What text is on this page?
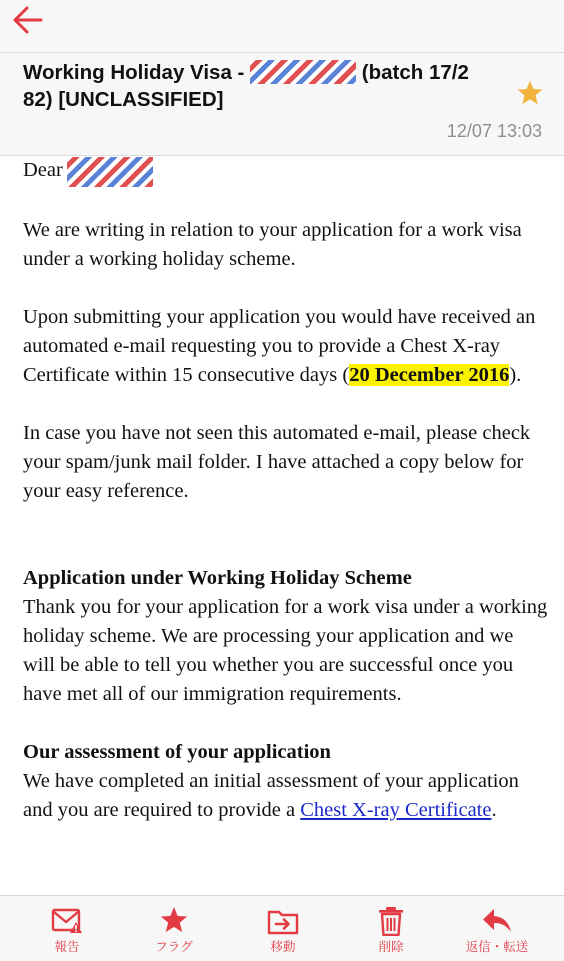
Working Holiday Visa -	(batch 17/2
82) [UNCLASSIFIED]
12/07 13:03

Dear

We are writing in relation to your application for a work visa under a working holiday scheme.

Upon submitting your application you would have received an automated e-mail requesting you to provide a Chest X-ray Certificate within 15 consecutive days (20 December 2016).

In case you have not seen this automated e-mail, please check your spam/junk mail folder. I have attached a copy below for your easy reference.

Application under Working Holiday Scheme

Thank you for your application for a work visa under a working holiday scheme. We are processing your application and we will be able to tell you whether you are successful once you have met all of our immigration requirements.

Our assessment of your application

We have completed an initial assessment of your application and you are required to provide a Chest X-ray Certificate.

報告	フラグ	移動	削除	返信・転送
